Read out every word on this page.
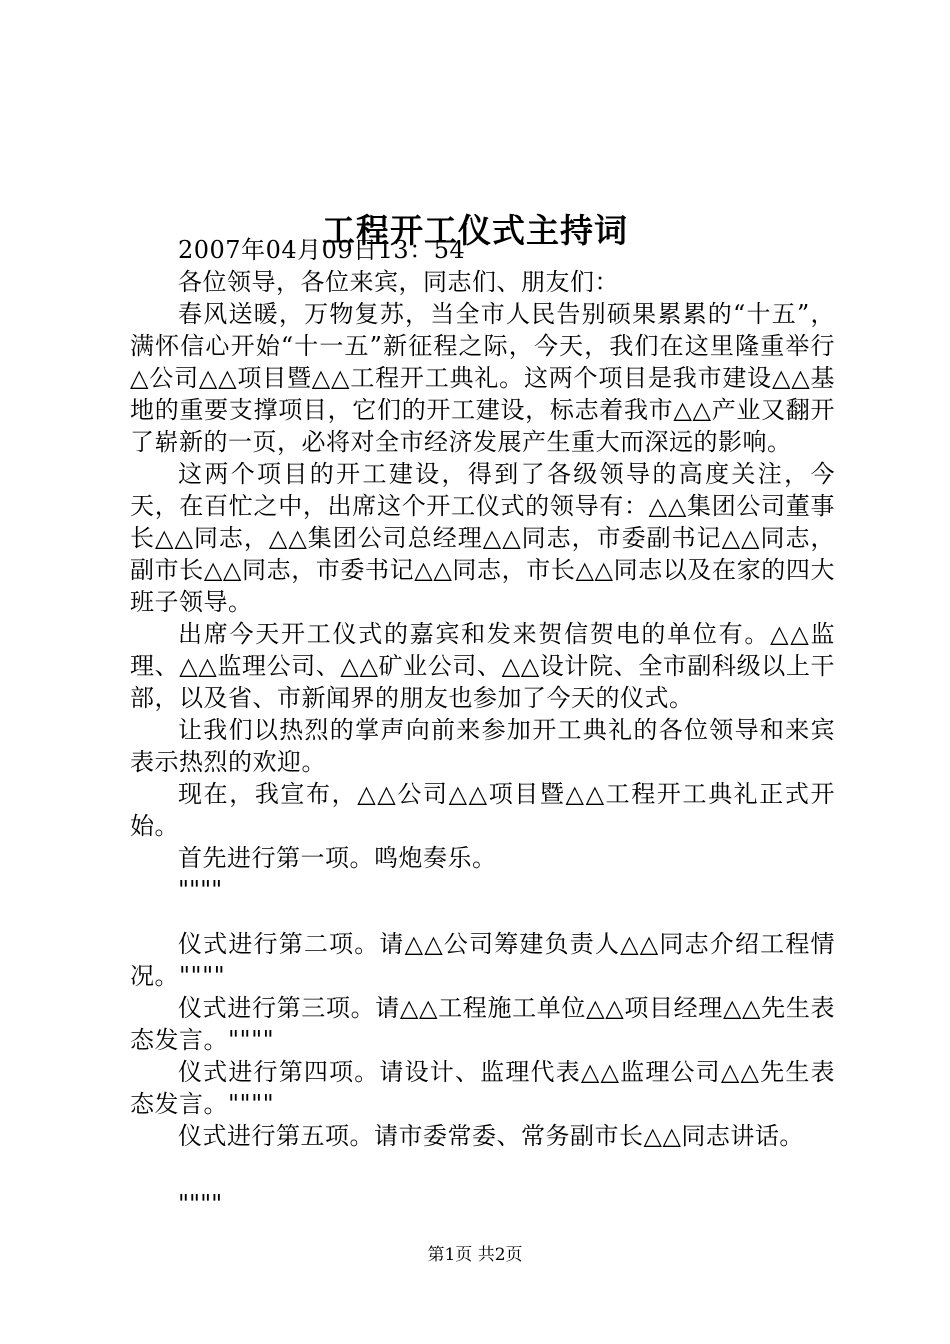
工程开工仪式主持词

2007年04月09日13：54

各位领导，各位来宾，同志们、朋友们：

春风送暖，万物复苏，当全市人民告别硕果累累的“十五”，满怀信心开始“十一五”新征程之际，今天，我们在这里隆重举行△公司△△项目暨△△工程开工典礼。这两个项目是我市建设△△基地的重要支撑项目，它们的开工建设，标志着我市△△产业又翻开了崭新的一页，必将对全市经济发展产生重大而深远的影响。

这两个项目的开工建设，得到了各级领导的高度关注，今天，在百忙之中，出席这个开工仪式的领导有：△△集团公司董事长△△同志，△△集团公司总经理△△同志，市委副书记△△同志，副市长△△同志，市委书记△△同志，市长△△同志以及在家的四大班子领导。

出席今天开工仪式的嘉宾和发来贺信贺电的单位有。△△监理、△△监理公司、△△矿业公司、△△设计院、全市副科级以上干部，以及省、市新闻界的朋友也参加了今天的仪式。

让我们以热烈的掌声向前来参加开工典礼的各位领导和来宾表示热烈的欢迎。

现在，我宣布，△△公司△△项目暨△△工程开工典礼正式开始。

首先进行第一项。鸣炮奏乐。

""""

仪式进行第二项。请△△公司筹建负责人△△同志介绍工程情况。""""

仪式进行第三项。请△△工程施工单位△△项目经理△△先生表态发言。""""

仪式进行第四项。请设计、监理代表△△监理公司△△先生表态发言。""""

仪式进行第五项。请市委常委、常务副市长△△同志讲话。

""""

第1页 共2页
